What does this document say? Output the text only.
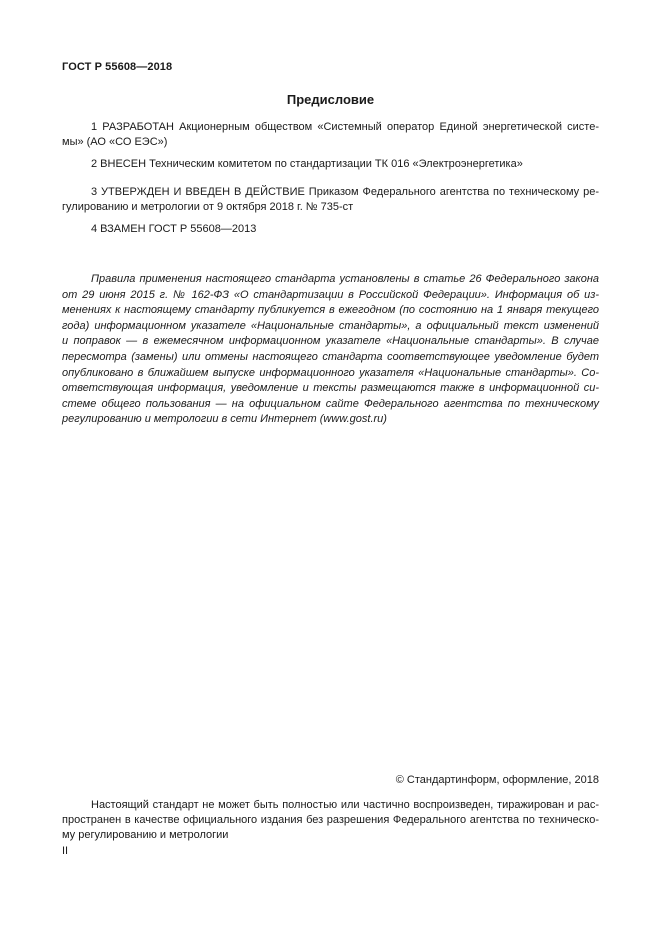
ГОСТ Р 55608—2018
Предисловие
1 РАЗРАБОТАН Акционерным обществом «Системный оператор Единой энергетической систе-
мы» (АО «СО ЕЭС»)
2 ВНЕСЕН Техническим комитетом по стандартизации ТК 016 «Электроэнергетика»
3 УТВЕРЖДЕН И ВВЕДЕН В ДЕЙСТВИЕ Приказом Федерального агентства по техническому ре-
гулированию и метрологии от 9 октября 2018 г. № 735-ст
4 ВЗАМЕН ГОСТ Р 55608—2013
Правила применения настоящего стандарта установлены в статье 26 Федерального закона
от 29 июня 2015 г. № 162-ФЗ «О стандартизации в Российской Федерации». Информация об из-
менениях к настоящему стандарту публикуется в ежегодном (по состоянию на 1 января текущего
года) информационном указателе «Национальные стандарты», а официальный текст изменений
и поправок — в ежемесячном информационном указателе «Национальные стандарты». В случае
пересмотра (замены) или отмены настоящего стандарта соответствующее уведомление будет
опубликовано в ближайшем выпуске информационного указателя «Национальные стандарты». Со-
ответствующая информация, уведомление и тексты размещаются также в информационной си-
стеме общего пользования — на официальном сайте Федерального агентства по техническому
регулированию и метрологии в сети Интернет (www.gost.ru)
© Стандартинформ, оформление, 2018
Настоящий стандарт не может быть полностью или частично воспроизведен, тиражирован и рас-
пространен в качестве официального издания без разрешения Федерального агентства по техническо-
му регулированию и метрологии
II
